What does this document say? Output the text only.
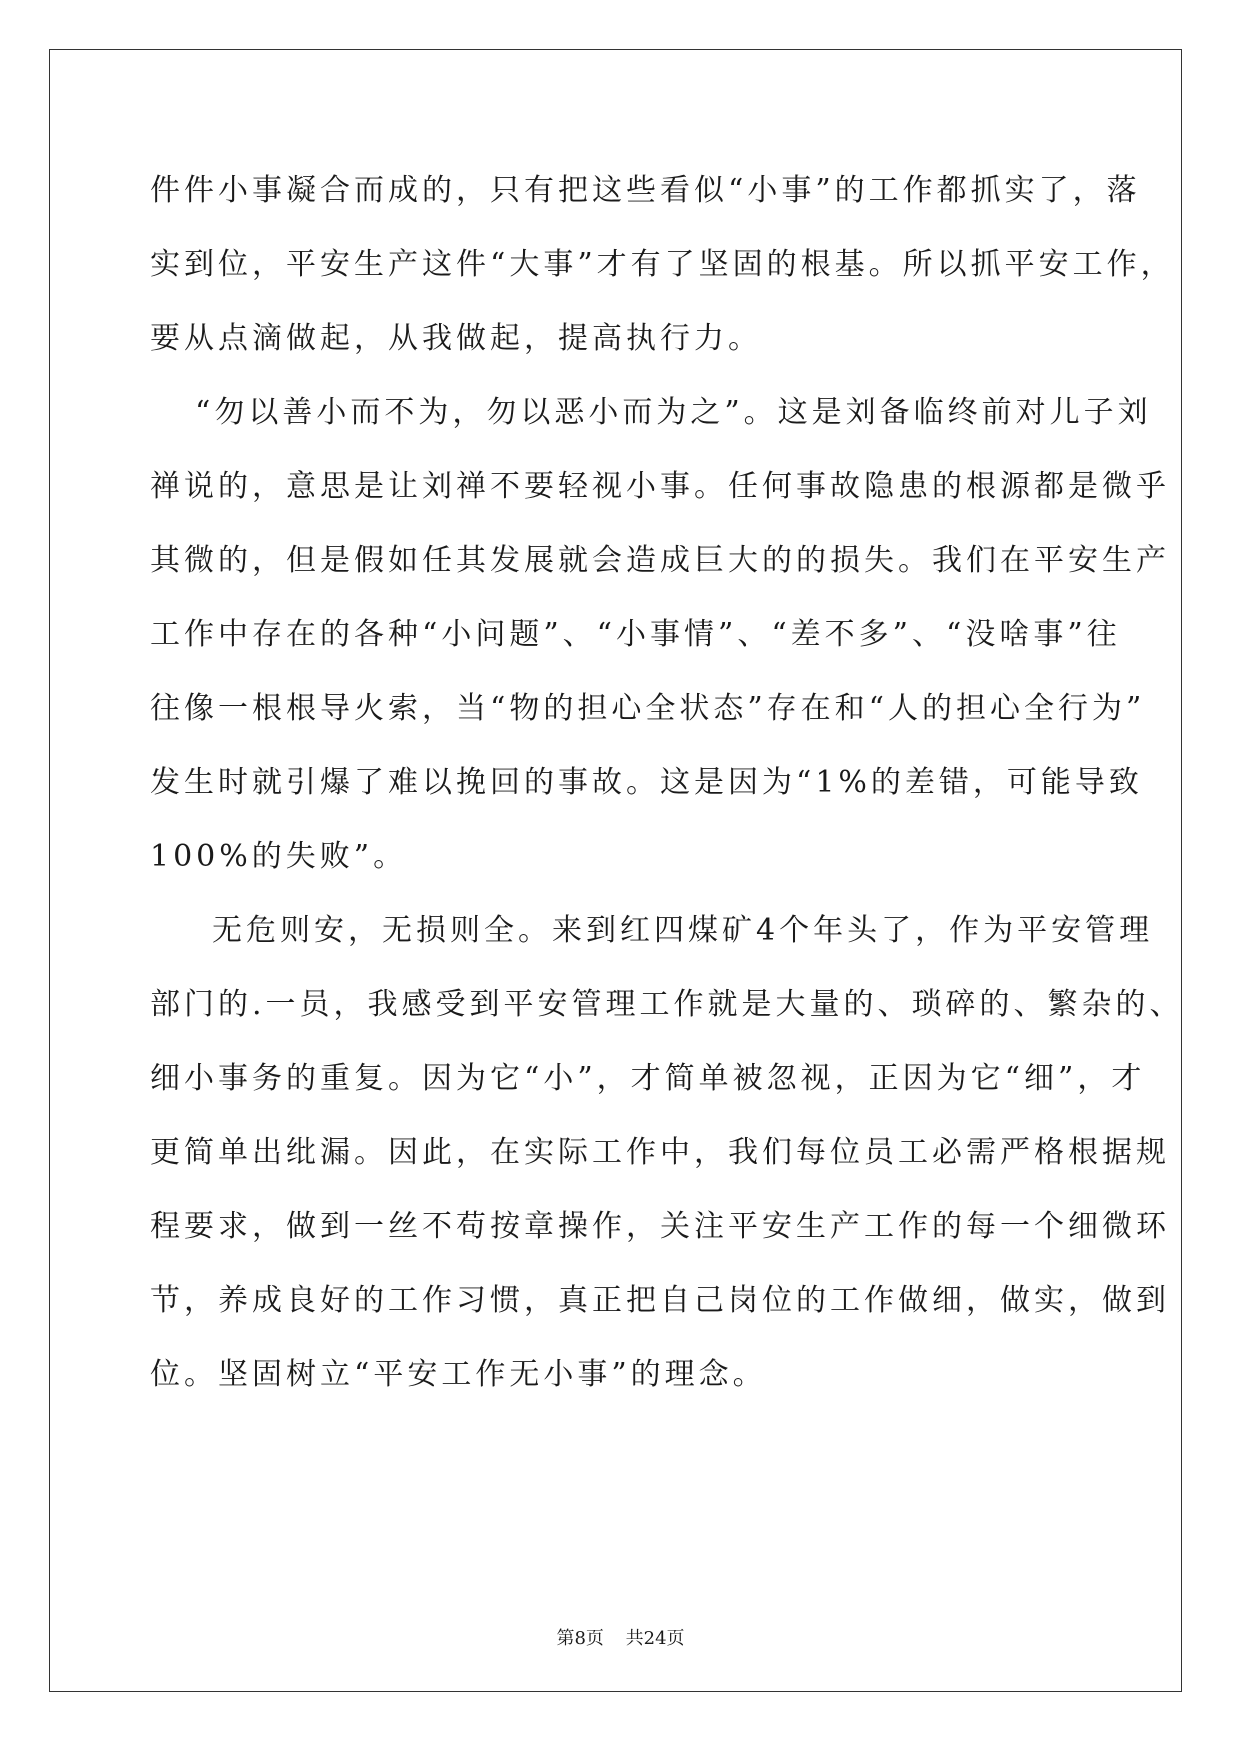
件件小事凝合而成的，只有把这些看似“小事”的工作都抓实了，落
实到位，平安生产这件“大事”才有了坚固的根基。所以抓平安工作，
要从点滴做起，从我做起，提高执行力。
“勿以善小而不为，勿以恶小而为之”。这是刘备临终前对儿子刘
禅说的，意思是让刘禅不要轻视小事。任何事故隐患的根源都是微乎
其微的，但是假如任其发展就会造成巨大的的损失。我们在平安生产
工作中存在的各种“小问题”、“小事情”、“差不多”、“没啥事”往
往像一根根导火索，当“物的担心全状态”存在和“人的担心全行为”
发生时就引爆了难以挽回的事故。这是因为“1%的差错，可能导致
100%的失败”。
无危则安，无损则全。来到红四煤矿4个年头了，作为平安管理
部门的.一员，我感受到平安管理工作就是大量的、琐碎的、繁杂的、
细小事务的重复。因为它“小”，才简单被忽视，正因为它“细”，才
更简单出纰漏。因此，在实际工作中，我们每位员工必需严格根据规
程要求，做到一丝不苟按章操作，关注平安生产工作的每一个细微环
节，养成良好的工作习惯，真正把自己岗位的工作做细，做实，做到
位。坚固树立“平安工作无小事”的理念。
第8页 共24页
